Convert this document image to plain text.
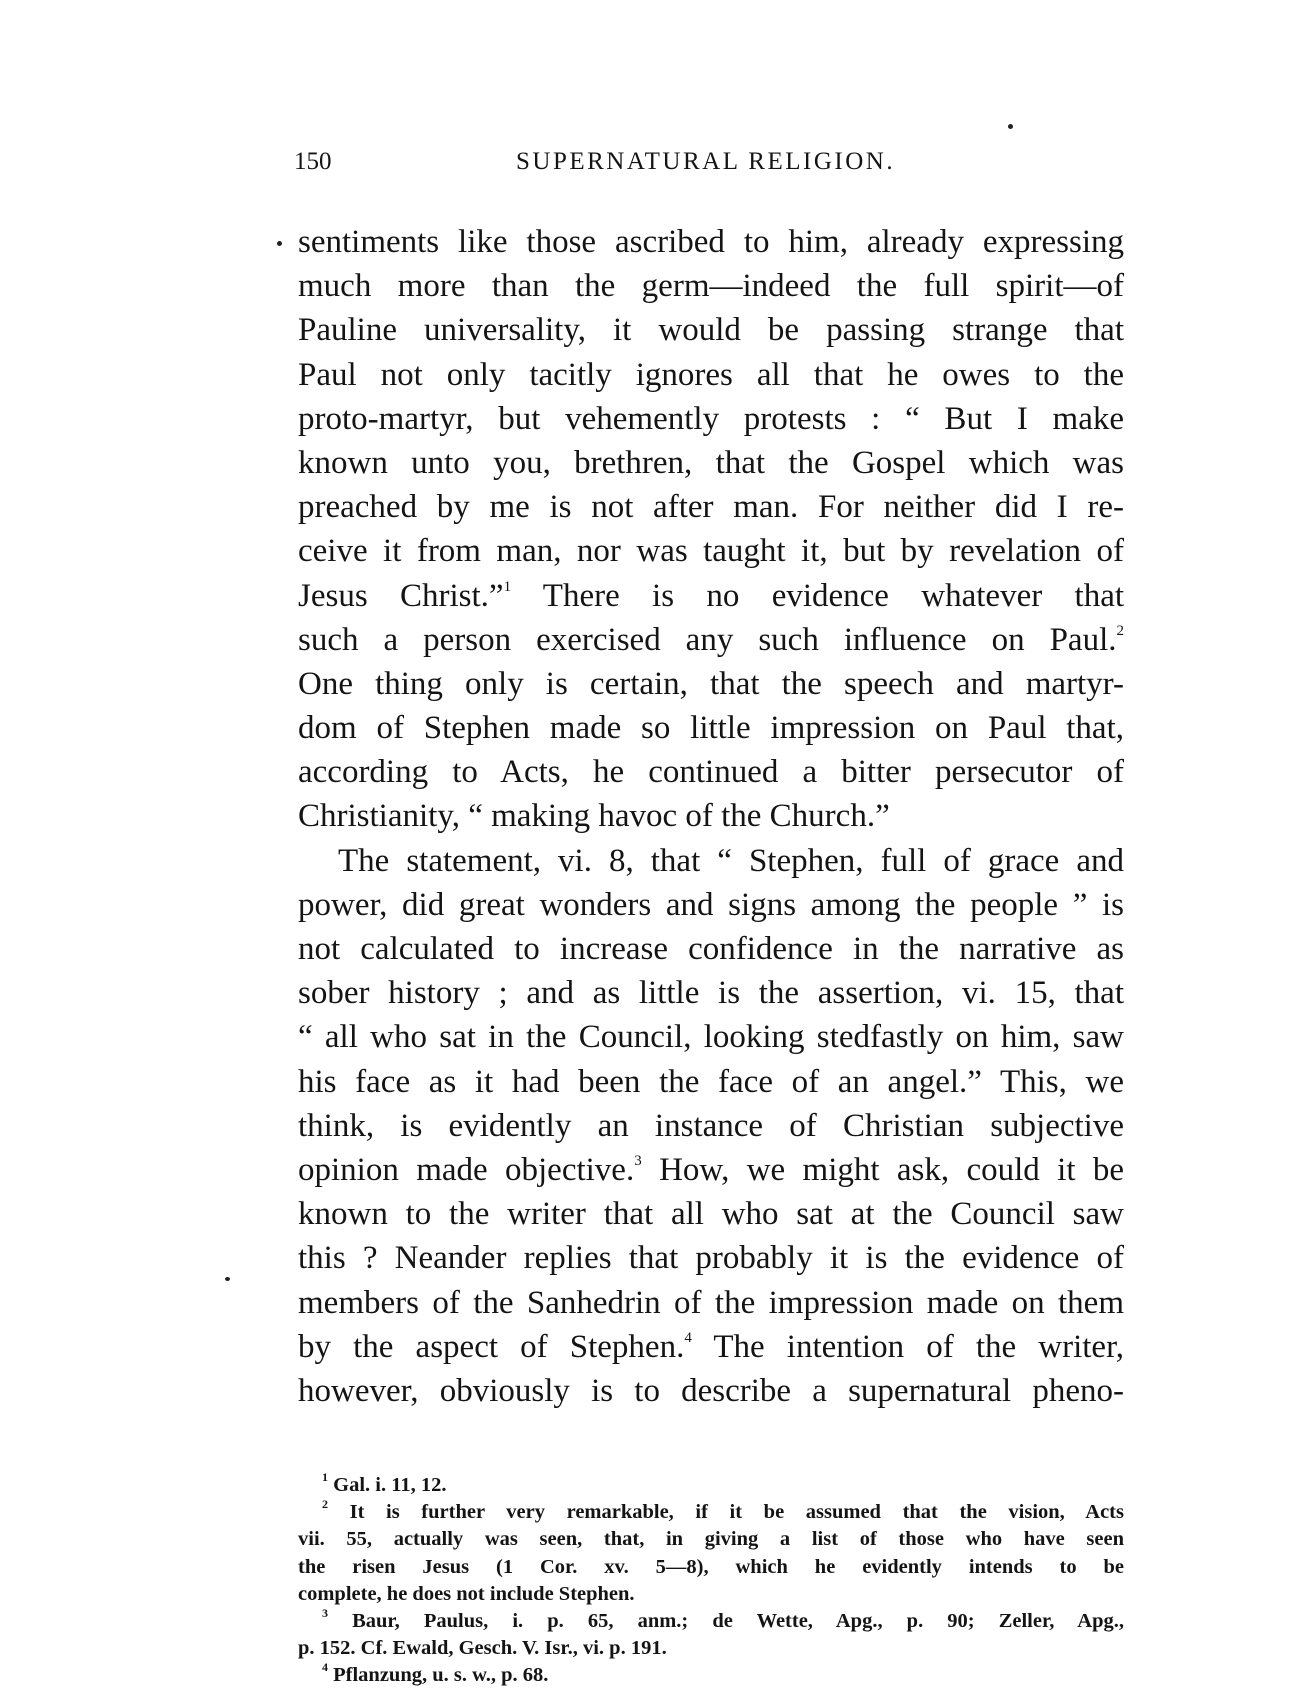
150	SUPERNATURAL RELIGION.
sentiments like those ascribed to him, already expressing
much more than the germ—indeed the full spirit—of
Pauline universality, it would be passing strange that
Paul not only tacitly ignores all that he owes to the
proto-martyr, but vehemently protests : “ But I make
known unto you, brethren, that the Gospel which was
preached by me is not after man. For neither did I re-
ceive it from man, nor was taught it, but by revelation of
Jesus Christ.”$^1$ There is no evidence whatever that
such a person exercised any such influence on Paul.$^2$
One thing only is certain, that the speech and martyr-
dom of Stephen made so little impression on Paul that,
according to Acts, he continued a bitter persecutor of
Christianity, “ making havoc of the Church.”
The statement, vi. 8, that “ Stephen, full of grace and
power, did great wonders and signs among the people ” is
not calculated to increase confidence in the narrative as
sober history ; and as little is the assertion, vi. 15, that
“ all who sat in the Council, looking stedfastly on him, saw
his face as it had been the face of an angel.” This, we
think, is evidently an instance of Christian subjective
opinion made objective.$^3$ How, we might ask, could it be
known to the writer that all who sat at the Council saw
this ? Neander replies that probably it is the evidence of
members of the Sanhedrin of the impression made on them
by the aspect of Stephen.$^4$ The intention of the writer,
however, obviously is to describe a supernatural pheno-
$^1$ Gal. i. 11, 12.
$^2$ It is further very remarkable, if it be assumed that the vision, Acts
vii. 55, actually was seen, that, in giving a list of those who have seen
the risen Jesus (1 Cor. xv. 5—8), which he evidently intends to be
complete, he does not include Stephen.
$^3$ Baur, Paulus, i. p. 65, anm.; de Wette, Apg., p. 90; Zeller, Apg.,
p. 152. Cf. Ewald, Gesch. V. Isr., vi. p. 191.
$^4$ Pflanzung, u. s. w., p. 68.
